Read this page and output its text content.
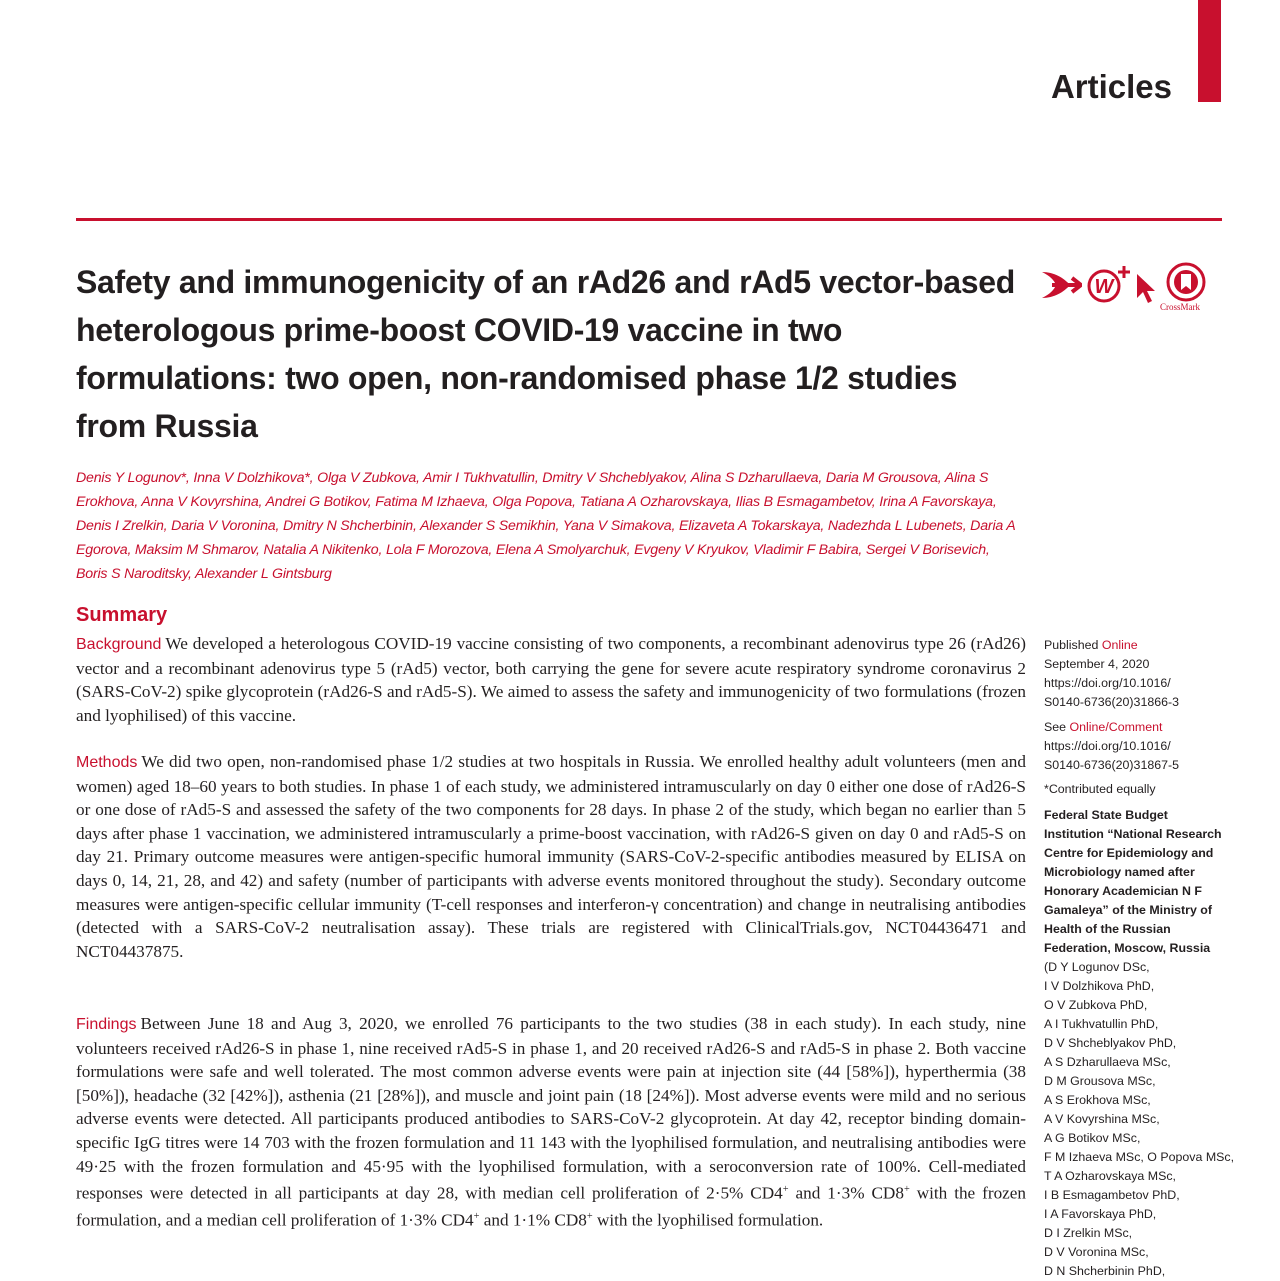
Articles
Safety and immunogenicity of an rAd26 and rAd5 vector-based heterologous prime-boost COVID-19 vaccine in two formulations: two open, non-randomised phase 1/2 studies from Russia
W
CrossMark

Denis Y Logunov*, Inna V Dolzhikova*, Olga V Zubkova, Amir I Tukhvatullin, Dmitry V Shcheblyakov, Alina S Dzharullaeva, Daria M Grousova, Alina S Erokhova, Anna V Kovyrshina, Andrei G Botikov, Fatima M Izhaeva, Olga Popova, Tatiana A Ozharovskaya, Ilias B Esmagambetov, Irina A Favorskaya, Denis I Zrelkin, Daria V Voronina, Dmitry N Shcherbinin, Alexander S Semikhin, Yana V Simakova, Elizaveta A Tokarskaya, Nadezhda L Lubenets, Daria A Egorova, Maksim M Shmarov, Natalia A Nikitenko, Lola F Morozova, Elena A Smolyarchuk, Evgeny V Kryukov, Vladimir F Babira, Sergei V Borisevich, Boris S Naroditsky, Alexander L Gintsburg

Summary

Background We developed a heterologous COVID-19 vaccine consisting of two components, a recombinant adenovirus type 26 (rAd26) vector and a recombinant adenovirus type 5 (rAd5) vector, both carrying the gene for severe acute respiratory syndrome coronavirus 2 (SARS-CoV-2) spike glycoprotein (rAd26-S and rAd5-S). We aimed to assess the safety and immunogenicity of two formulations (frozen and lyophilised) of this vaccine.

Methods We did two open, non-randomised phase 1/2 studies at two hospitals in Russia. We enrolled healthy adult volunteers (men and women) aged 18–60 years to both studies. In phase 1 of each study, we administered intramuscularly on day 0 either one dose of rAd26-S or one dose of rAd5-S and assessed the safety of the two components for 28 days. In phase 2 of the study, which began no earlier than 5 days after phase 1 vaccination, we administered intramuscularly a prime-boost vaccination, with rAd26-S given on day 0 and rAd5-S on day 21. Primary outcome measures were antigen-specific humoral immunity (SARS-CoV-2-specific antibodies measured by ELISA on days 0, 14, 21, 28, and 42) and safety (number of participants with adverse events monitored throughout the study). Secondary outcome measures were antigen-specific cellular immunity (T-cell responses and interferon-γ concentration) and change in neutralising antibodies (detected with a SARS-CoV-2 neutralisation assay). These trials are registered with ClinicalTrials.gov, NCT04436471 and NCT04437875.

Findings Between June 18 and Aug 3, 2020, we enrolled 76 participants to the two studies (38 in each study). In each study, nine volunteers received rAd26-S in phase 1, nine received rAd5-S in phase 1, and 20 received rAd26-S and rAd5-S in phase 2. Both vaccine formulations were safe and well tolerated. The most common adverse events were pain at injection site (44 [58%]), hyperthermia (38 [50%]), headache (32 [42%]), asthenia (21 [28%]), and muscle and joint pain (18 [24%]). Most adverse events were mild and no serious adverse events were detected. All participants produced antibodies to SARS-CoV-2 glycoprotein. At day 42, receptor binding domain-specific IgG titres were 14 703 with the frozen formulation and 11 143 with the lyophilised formulation, and neutralising antibodies were 49·25 with the frozen formulation and 45·95 with the lyophilised formulation, with a seroconversion rate of 100%. Cell-mediated responses were detected in all participants at day 28, with median cell proliferation of 2·5% CD4+ and 1·3% CD8+ with the frozen formulation, and a median cell proliferation of 1·3% CD4+ and 1·1% CD8+ with the lyophilised formulation.

Published Online
September 4, 2020
https://doi.org/10.1016/
S0140-6736(20)31866-3
See Online/Comment
https://doi.org/10.1016/
S0140-6736(20)31867-5
*Contributed equally
Federal State Budget
Institution “National Research
Centre for Epidemiology and
Microbiology named after
Honorary Academician N F
Gamaleya” of the Ministry of
Health of the Russian
Federation, Moscow, Russia
(D Y Logunov DSc,
I V Dolzhikova PhD,
O V Zubkova PhD,
A I Tukhvatullin PhD,
D V Shcheblyakov PhD,
A S Dzharullaeva MSc,
D M Grousova MSc,
A S Erokhova MSc,
A V Kovyrshina MSc,
A G Botikov MSc,
F M Izhaeva MSc, O Popova MSc,
T A Ozharovskaya MSc,
I B Esmagambetov PhD,
I A Favorskaya PhD,
D I Zrelkin MSc,
D V Voronina MSc,
D N Shcherbinin PhD,
